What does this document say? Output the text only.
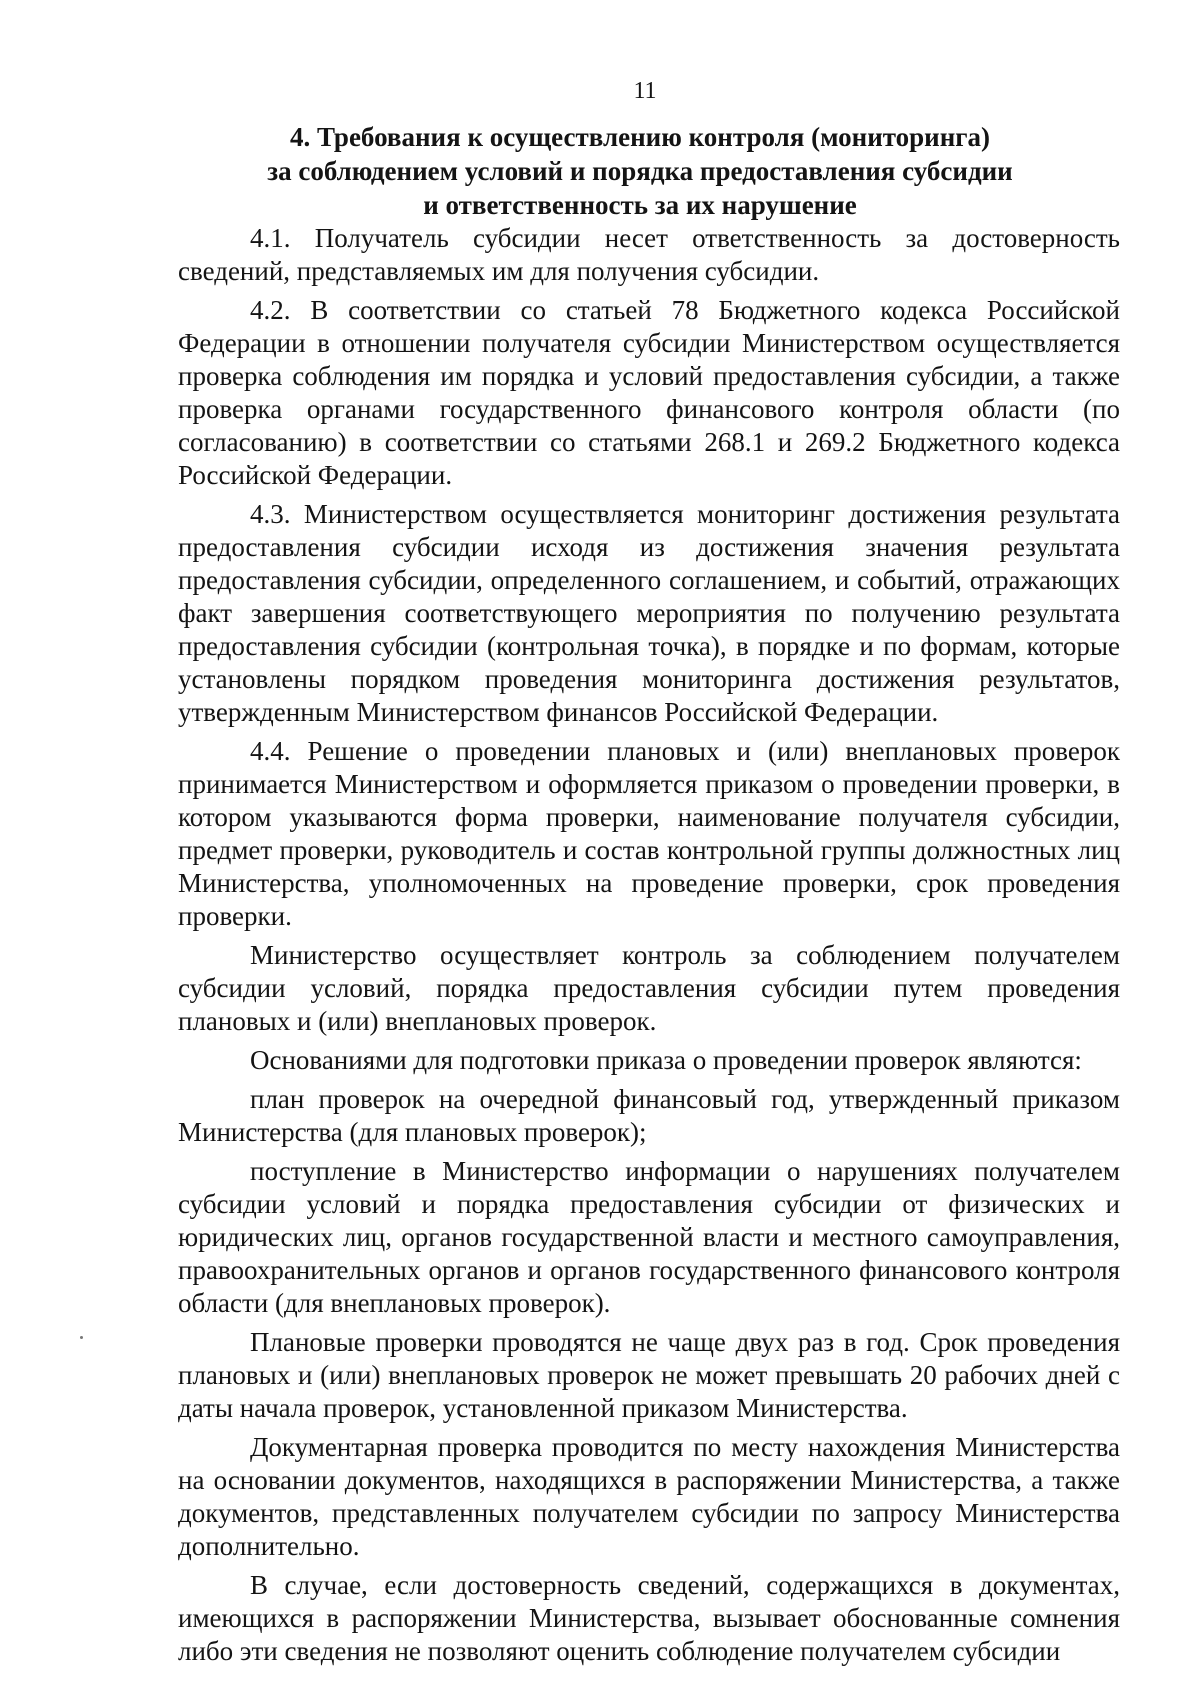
11
4. Требования к осуществлению контроля (мониторинга)
за соблюдением условий и порядка предоставления субсидии
и ответственность за их нарушение

4.1. Получатель субсидии несет ответственность за достоверность сведений, представляемых им для получения субсидии.

4.2. В соответствии со статьей 78 Бюджетного кодекса Российской Федерации в отношении получателя субсидии Министерством осуществляется проверка соблюдения им порядка и условий предоставления субсидии, а также проверка органами государственного финансового контроля области (по согласованию) в соответствии со статьями 268.1 и 269.2 Бюджетного кодекса Российской Федерации.

4.3. Министерством осуществляется мониторинг достижения результата предоставления субсидии исходя из достижения значения результата предоставления субсидии, определенного соглашением, и событий, отражающих факт завершения соответствующего мероприятия по получению результата предоставления субсидии (контрольная точка), в порядке и по формам, которые установлены порядком проведения мониторинга достижения результатов, утвержденным Министерством финансов Российской Федерации.

4.4. Решение о проведении плановых и (или) внеплановых проверок принимается Министерством и оформляется приказом о проведении проверки, в котором указываются форма проверки, наименование получателя субсидии, предмет проверки, руководитель и состав контрольной группы должностных лиц Министерства, уполномоченных на проведение проверки, срок проведения проверки.

Министерство осуществляет контроль за соблюдением получателем субсидии условий, порядка предоставления субсидии путем проведения плановых и (или) внеплановых проверок.

Основаниями для подготовки приказа о проведении проверок являются:

план проверок на очередной финансовый год, утвержденный приказом Министерства (для плановых проверок);

поступление в Министерство информации о нарушениях получателем субсидии условий и порядка предоставления субсидии от физических и юридических лиц, органов государственной власти и местного самоуправления, правоохранительных органов и органов государственного финансового контроля области (для внеплановых проверок).

Плановые проверки проводятся не чаще двух раз в год. Срок проведения плановых и (или) внеплановых проверок не может превышать 20 рабочих дней с даты начала проверок, установленной приказом Министерства.

Документарная проверка проводится по месту нахождения Министерства на основании документов, находящихся в распоряжении Министерства, а также документов, представленных получателем субсидии по запросу Министерства дополнительно.

В случае, если достоверность сведений, содержащихся в документах, имеющихся в распоряжении Министерства, вызывает обоснованные сомнения либо эти сведения не позволяют оценить соблюдение получателем субсидии
